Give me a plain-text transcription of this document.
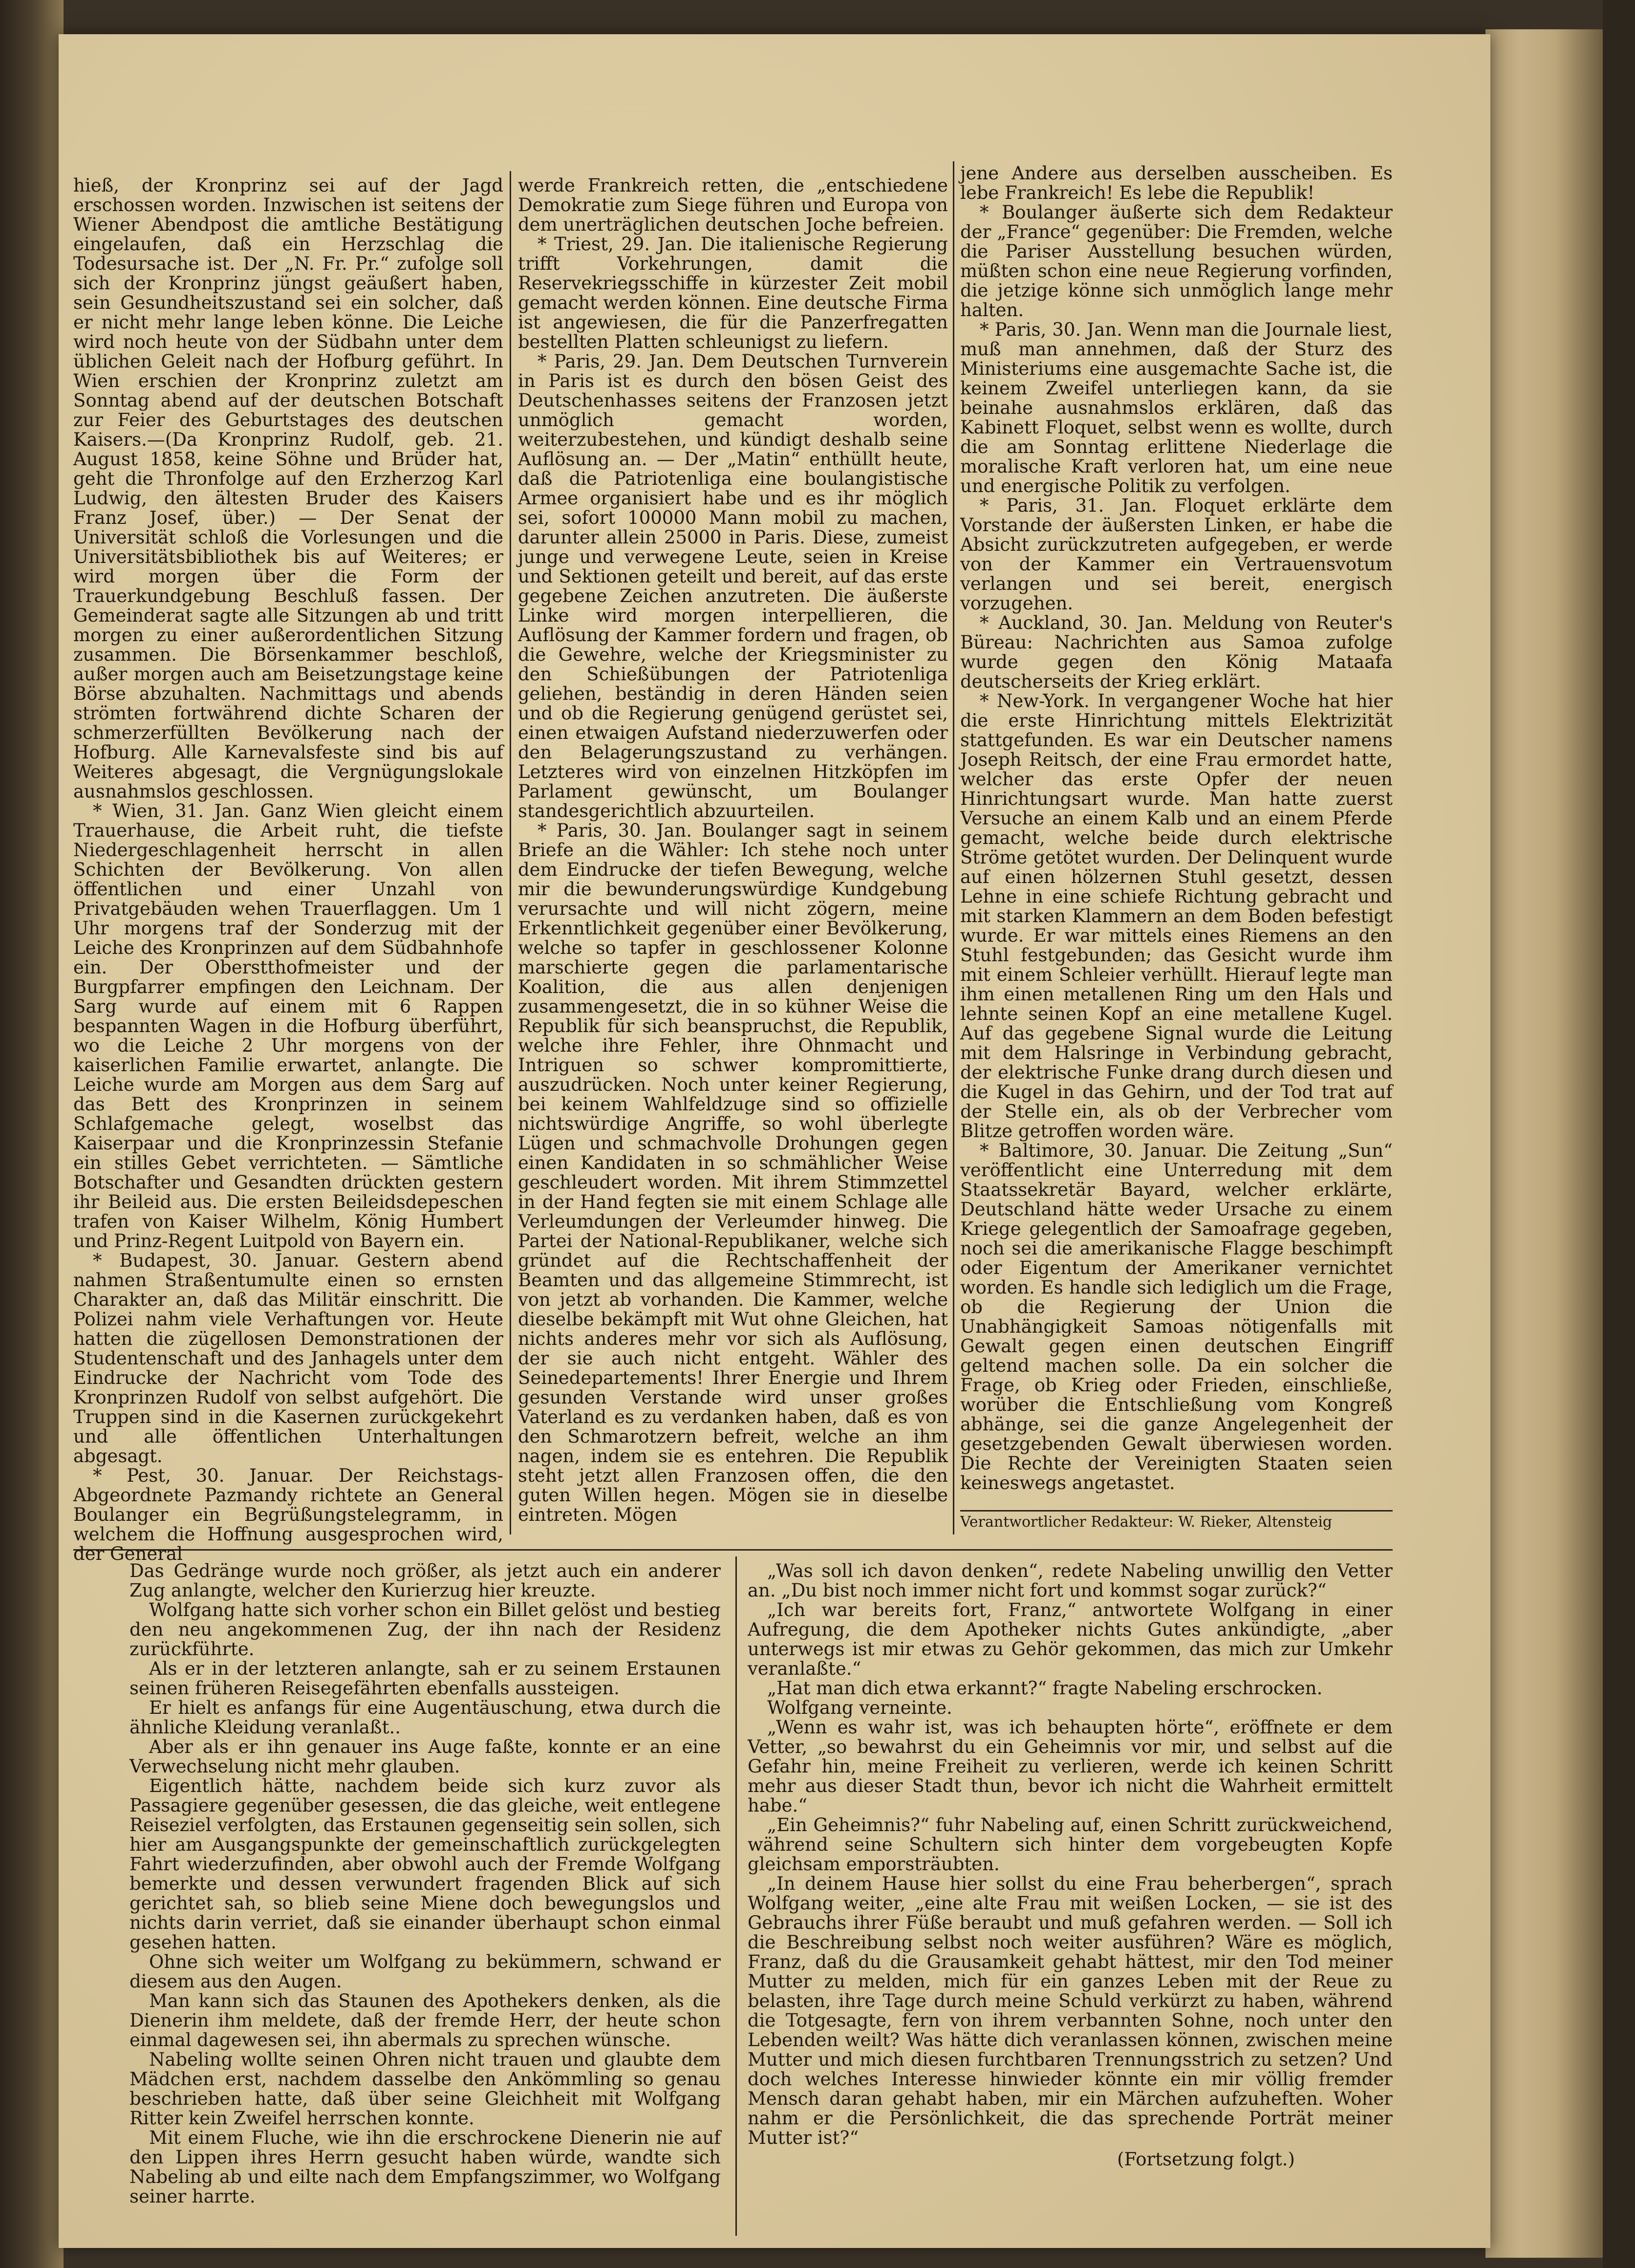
hieß, der Kronprinz sei auf der Jagd erschossen worden. Inzwischen ist seitens der Wiener Abendpost die amtliche Bestätigung eingelaufen, daß ein Herzschlag die Todesursache ist. Der „N. Fr. Pr.“ zufolge soll sich der Kronprinz jüngst geäußert haben, sein Gesundheitszustand sei ein solcher, daß er nicht mehr lange leben könne. Die Leiche wird noch heute von der Südbahn unter dem üblichen Geleit nach der Hofburg geführt. In Wien erschien der Kronprinz zuletzt am Sonntag abend auf der deutschen Botschaft zur Feier des Geburtstages des deutschen Kaisers.—(Da Kronprinz Rudolf, geb. 21. August 1858, keine Söhne und Brüder hat, geht die Thronfolge auf den Erzherzog Karl Ludwig, den ältesten Bruder des Kaisers Franz Josef, über.) — Der Senat der Universität schloß die Vorlesungen und die Universitätsbibliothek bis auf Weiteres; er wird morgen über die Form der Trauerkundgebung Beschluß fassen. Der Gemeinderat sagte alle Sitzungen ab und tritt morgen zu einer außerordentlichen Sitzung zusammen. Die Börsenkammer beschloß, außer morgen auch am Beisetzungstage keine Börse abzuhalten. Nachmittags und abends strömten fortwährend dichte Scharen der schmerzerfüllten Bevölkerung nach der Hofburg. Alle Karnevalsfeste sind bis auf Weiteres abgesagt, die Vergnügungslokale ausnahmslos geschlossen.

* Wien, 31. Jan. Ganz Wien gleicht einem Trauerhause, die Arbeit ruht, die tiefste Niedergeschlagenheit herrscht in allen Schichten der Bevölkerung. Von allen öffentlichen und einer Unzahl von Privatgebäuden wehen Trauerflaggen. Um 1 Uhr morgens traf der Sonderzug mit der Leiche des Kronprinzen auf dem Südbahnhofe ein. Der Oberstthofmeister und der Burgpfarrer empfingen den Leichnam. Der Sarg wurde auf einem mit 6 Rappen bespannten Wagen in die Hofburg überführt, wo die Leiche 2 Uhr morgens von der kaiserlichen Familie erwartet, anlangte. Die Leiche wurde am Morgen aus dem Sarg auf das Bett des Kronprinzen in seinem Schlafgemache gelegt, woselbst das Kaiserpaar und die Kronprinzessin Stefanie ein stilles Gebet verrichteten. — Sämtliche Botschafter und Gesandten drückten gestern ihr Beileid aus. Die ersten Beileidsdepeschen trafen von Kaiser Wilhelm, König Humbert und Prinz-Regent Luitpold von Bayern ein.

* Budapest, 30. Januar. Gestern abend nahmen Straßentumulte einen so ernsten Charakter an, daß das Militär einschritt. Die Polizei nahm viele Verhaftungen vor. Heute hatten die zügellosen Demonstrationen der Studentenschaft und des Janhagels unter dem Eindrucke der Nachricht vom Tode des Kronprinzen Rudolf von selbst aufgehört. Die Truppen sind in die Kasernen zurückgekehrt und alle öffentlichen Unterhaltungen abgesagt.

* Pest, 30. Januar. Der Reichstags-Abgeordnete Pazmandy richtete an General Boulanger ein Begrüßungstelegramm, in welchem die Hoffnung ausgesprochen wird, der General

werde Frankreich retten, die „entschiedene Demokratie zum Siege führen und Europa von dem unerträglichen deutschen Joche befreien.

* Triest, 29. Jan. Die italienische Regierung trifft Vorkehrungen, damit die Reservekriegsschiffe in kürzester Zeit mobil gemacht werden können. Eine deutsche Firma ist angewiesen, die für die Panzerfregatten bestellten Platten schleunigst zu liefern.

* Paris, 29. Jan. Dem Deutschen Turnverein in Paris ist es durch den bösen Geist des Deutschenhasses seitens der Franzosen jetzt unmöglich gemacht worden, weiterzubestehen, und kündigt deshalb seine Auflösung an. — Der „Matin“ enthüllt heute, daß die Patriotenliga eine boulangistische Armee organisiert habe und es ihr möglich sei, sofort 100000 Mann mobil zu machen, darunter allein 25000 in Paris. Diese, zumeist junge und verwegene Leute, seien in Kreise und Sektionen geteilt und bereit, auf das erste gegebene Zeichen anzutreten. Die äußerste Linke wird morgen interpellieren, die Auflösung der Kammer fordern und fragen, ob die Gewehre, welche der Kriegsminister zu den Schießübungen der Patriotenliga geliehen, beständig in deren Händen seien und ob die Regierung genügend gerüstet sei, einen etwaigen Aufstand niederzuwerfen oder den Belagerungszustand zu verhängen. Letzteres wird von einzelnen Hitzköpfen im Parlament gewünscht, um Boulanger standesgerichtlich abzuurteilen.

* Paris, 30. Jan. Boulanger sagt in seinem Briefe an die Wähler: Ich stehe noch unter dem Eindrucke der tiefen Bewegung, welche mir die bewunderungswürdige Kundgebung verursachte und will nicht zögern, meine Erkenntlichkeit gegenüber einer Bevölkerung, welche so tapfer in geschlossener Kolonne marschierte gegen die parlamentarische Koalition, die aus allen denjenigen zusammengesetzt, die in so kühner Weise die Republik für sich beanspruchst, die Republik, welche ihre Fehler, ihre Ohnmacht und Intriguen so schwer kompromittierte, auszudrücken. Noch unter keiner Regierung, bei keinem Wahlfeldzuge sind so offizielle nichtswürdige Angriffe, so wohl überlegte Lügen und schmachvolle Drohungen gegen einen Kandidaten in so schmählicher Weise geschleudert worden. Mit ihrem Stimmzettel in der Hand fegten sie mit einem Schlage alle Verleumdungen der Verleumder hinweg. Die Partei der National-Republikaner, welche sich gründet auf die Rechtschaffenheit der Beamten und das allgemeine Stimmrecht, ist von jetzt ab vorhanden. Die Kammer, welche dieselbe bekämpft mit Wut ohne Gleichen, hat nichts anderes mehr vor sich als Auflösung, der sie auch nicht entgeht. Wähler des Seinedepartements! Ihrer Energie und Ihrem gesunden Verstande wird unser großes Vaterland es zu verdanken haben, daß es von den Schmarotzern befreit, welche an ihm nagen, indem sie es entehren. Die Republik steht jetzt allen Franzosen offen, die den guten Willen hegen. Mögen sie in dieselbe eintreten. Mögen

jene Andere aus derselben ausscheiben. Es lebe Frankreich! Es lebe die Republik!

* Boulanger äußerte sich dem Redakteur der „France“ gegenüber: Die Fremden, welche die Pariser Ausstellung besuchen würden, müßten schon eine neue Regierung vorfinden, die jetzige könne sich unmöglich lange mehr halten.

* Paris, 30. Jan. Wenn man die Journale liest, muß man annehmen, daß der Sturz des Ministeriums eine ausgemachte Sache ist, die keinem Zweifel unterliegen kann, da sie beinahe ausnahmslos erklären, daß das Kabinett Floquet, selbst wenn es wollte, durch die am Sonntag erlittene Niederlage die moralische Kraft verloren hat, um eine neue und energische Politik zu verfolgen.

* Paris, 31. Jan. Floquet erklärte dem Vorstande der äußersten Linken, er habe die Absicht zurückzutreten aufgegeben, er werde von der Kammer ein Vertrauensvotum verlangen und sei bereit, energisch vorzugehen.

* Auckland, 30. Jan. Meldung von Reuter's Büreau: Nachrichten aus Samoa zufolge wurde gegen den König Mataafa deutscherseits der Krieg erklärt.

* New-York. In vergangener Woche hat hier die erste Hinrichtung mittels Elektrizität stattgefunden. Es war ein Deutscher namens Joseph Reitsch, der eine Frau ermordet hatte, welcher das erste Opfer der neuen Hinrichtungsart wurde. Man hatte zuerst Versuche an einem Kalb und an einem Pferde gemacht, welche beide durch elektrische Ströme getötet wurden. Der Delinquent wurde auf einen hölzernen Stuhl gesetzt, dessen Lehne in eine schiefe Richtung gebracht und mit starken Klammern an dem Boden befestigt wurde. Er war mittels eines Riemens an den Stuhl festgebunden; das Gesicht wurde ihm mit einem Schleier verhüllt. Hierauf legte man ihm einen metallenen Ring um den Hals und lehnte seinen Kopf an eine metallene Kugel. Auf das gegebene Signal wurde die Leitung mit dem Halsringe in Verbindung gebracht, der elektrische Funke drang durch diesen und die Kugel in das Gehirn, und der Tod trat auf der Stelle ein, als ob der Verbrecher vom Blitze getroffen worden wäre.

* Baltimore, 30. Januar. Die Zeitung „Sun“ veröffentlicht eine Unterredung mit dem Staatssekretär Bayard, welcher erklärte, Deutschland hätte weder Ursache zu einem Kriege gelegentlich der Samoafrage gegeben, noch sei die amerikanische Flagge beschimpft oder Eigentum der Amerikaner vernichtet worden. Es handle sich lediglich um die Frage, ob die Regierung der Union die Unabhängigkeit Samoas nötigenfalls mit Gewalt gegen einen deutschen Eingriff geltend machen solle. Da ein solcher die Frage, ob Krieg oder Frieden, einschließe, worüber die Entschließung vom Kongreß abhänge, sei die ganze Angelegenheit der gesetzgebenden Gewalt überwiesen worden. Die Rechte der Vereinigten Staaten seien keineswegs angetastet.

Verantwortlicher Redakteur: W. Rieker, Altensteig

Das Gedränge wurde noch größer, als jetzt auch ein anderer Zug anlangte, welcher den Kurierzug hier kreuzte.

Wolfgang hatte sich vorher schon ein Billet gelöst und bestieg den neu angekommenen Zug, der ihn nach der Residenz zurückführte.

Als er in der letzteren anlangte, sah er zu seinem Erstaunen seinen früheren Reisegefährten ebenfalls aussteigen.

Er hielt es anfangs für eine Augentäuschung, etwa durch die ähnliche Kleidung veranlaßt..

Aber als er ihn genauer ins Auge faßte, konnte er an eine Verwechselung nicht mehr glauben.

Eigentlich hätte, nachdem beide sich kurz zuvor als Passagiere gegenüber gesessen, die das gleiche, weit entlegene Reiseziel verfolgten, das Erstaunen gegenseitig sein sollen, sich hier am Ausgangspunkte der gemeinschaftlich zurückgelegten Fahrt wiederzufinden, aber obwohl auch der Fremde Wolfgang bemerkte und dessen verwundert fragenden Blick auf sich gerichtet sah, so blieb seine Miene doch bewegungslos und nichts darin verriet, daß sie einander überhaupt schon einmal gesehen hatten.

Ohne sich weiter um Wolfgang zu bekümmern, schwand er diesem aus den Augen.

Man kann sich das Staunen des Apothekers denken, als die Dienerin ihm meldete, daß der fremde Herr, der heute schon einmal dagewesen sei, ihn abermals zu sprechen wünsche.

Nabeling wollte seinen Ohren nicht trauen und glaubte dem Mädchen erst, nachdem dasselbe den Ankömmling so genau beschrieben hatte, daß über seine Gleichheit mit Wolfgang Ritter kein Zweifel herrschen konnte.

Mit einem Fluche, wie ihn die erschrockene Dienerin nie auf den Lippen ihres Herrn gesucht haben würde, wandte sich Nabeling ab und eilte nach dem Empfangszimmer, wo Wolfgang seiner harrte.

„Was soll ich davon denken“, redete Nabeling unwillig den Vetter an. „Du bist noch immer nicht fort und kommst sogar zurück?“

„Ich war bereits fort, Franz,“ antwortete Wolfgang in einer Aufregung, die dem Apotheker nichts Gutes ankündigte, „aber unterwegs ist mir etwas zu Gehör gekommen, das mich zur Umkehr veranlaßte.“

„Hat man dich etwa erkannt?“ fragte Nabeling erschrocken.

Wolfgang verneinte.

„Wenn es wahr ist, was ich behaupten hörte“, eröffnete er dem Vetter, „so bewahrst du ein Geheimnis vor mir, und selbst auf die Gefahr hin, meine Freiheit zu verlieren, werde ich keinen Schritt mehr aus dieser Stadt thun, bevor ich nicht die Wahrheit ermittelt habe.“

„Ein Geheimnis?“ fuhr Nabeling auf, einen Schritt zurückweichend, während seine Schultern sich hinter dem vorgebeugten Kopfe gleichsam emporsträubten.

„In deinem Hause hier sollst du eine Frau beherbergen“, sprach Wolfgang weiter, „eine alte Frau mit weißen Locken, — sie ist des Gebrauchs ihrer Füße beraubt und muß gefahren werden. — Soll ich die Beschreibung selbst noch weiter ausführen? Wäre es möglich, Franz, daß du die Grausamkeit gehabt hättest, mir den Tod meiner Mutter zu melden, mich für ein ganzes Leben mit der Reue zu belasten, ihre Tage durch meine Schuld verkürzt zu haben, während die Totgesagte, fern von ihrem verbannten Sohne, noch unter den Lebenden weilt? Was hätte dich veranlassen können, zwischen meine Mutter und mich diesen furchtbaren Trennungsstrich zu setzen? Und doch welches Interesse hinwieder könnte ein mir völlig fremder Mensch daran gehabt haben, mir ein Märchen aufzuheften. Woher nahm er die Persönlichkeit, die das sprechende Porträt meiner Mutter ist?“

(Fortsetzung folgt.)
